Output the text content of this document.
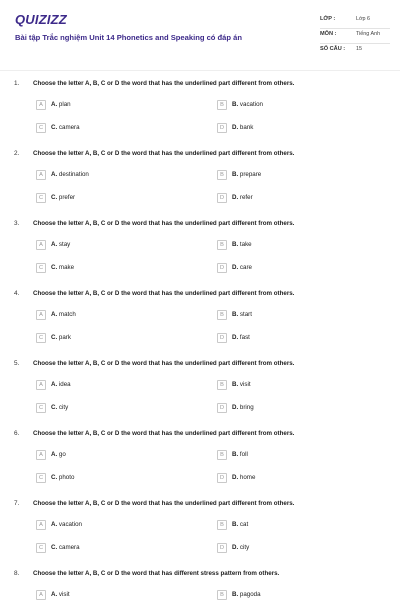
QUIZIZZ
Bài tập Trắc nghiệm Unit 14 Phonetics and Speaking có đáp án
LỚP :	Lớp 6
MÔN :	Tiếng Anh
SỐ CÂU : 15
1. Choose the letter A, B, C or D the word that has the underlined part different from others.
A	A. plan	B	B. vacation
C	C. camera	D	D. bank
2. Choose the letter A, B, C or D the word that has the underlined part different from others.
A	A. destination	B	B. prepare
C	C. prefer	D	D. refer
3. Choose the letter A, B, C or D the word that has the underlined part different from others.
A	A. stay	B	B. take
C	C. make	D	D. care
4. Choose the letter A, B, C or D the word that has the underlined part different from others.
A	A. match	B	B. start
C	C. park	D	D. fast
5. Choose the letter A, B, C or D the word that has the underlined part different from others.
A	A. idea	B	B. visit
C	C. city	D	D. bring
6. Choose the letter A, B, C or D the word that has the underlined part different from others.
A	A. go	B	B. foll
C	C. photo	D	D. home
7. Choose the letter A, B, C or D the word that has the underlined part different from others.
A	A. vacation	B	B. cat
C	C. camera	D	D. city
8. Choose the letter A, B, C or D the word that has different stress pattern from others.
A	A. visit	B	B. pagoda
